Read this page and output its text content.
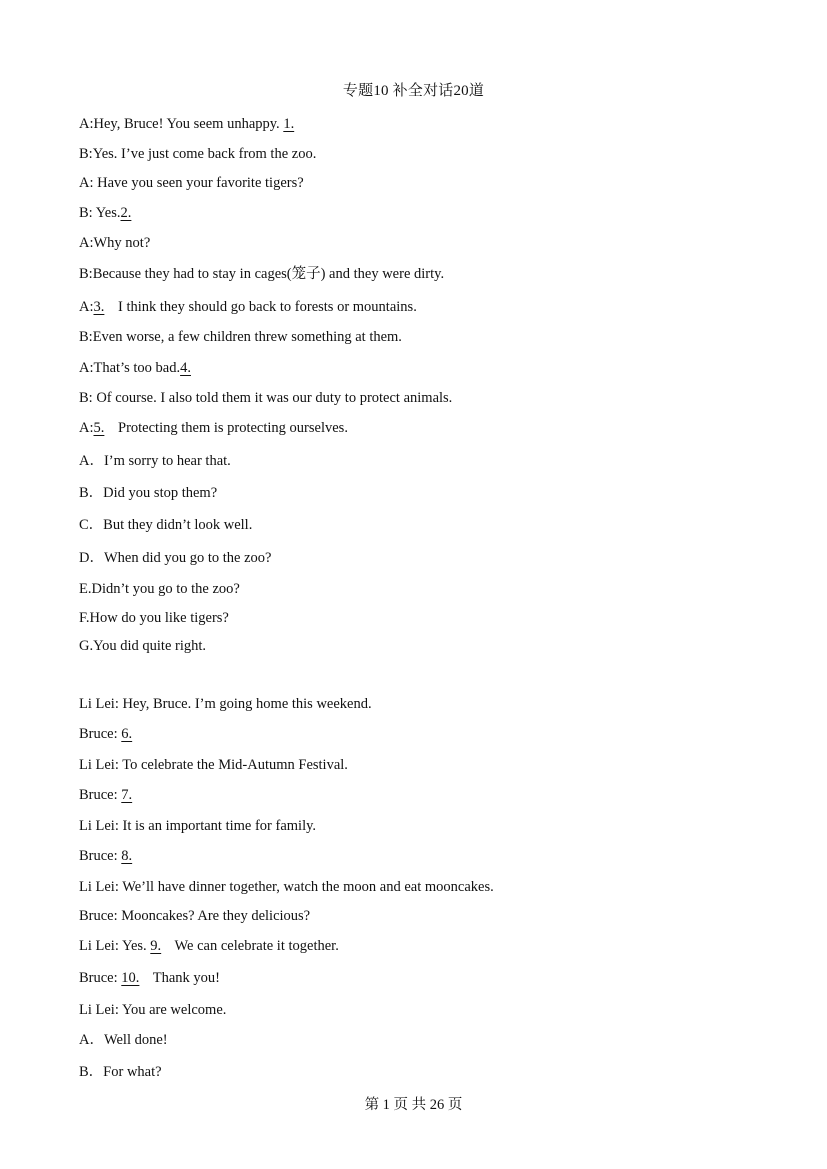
专题10 补全对话20道
A:Hey, Bruce! You seem unhappy. 1.
B:Yes. I’ve just come back from the zoo.
A: Have you seen your favorite tigers?
B: Yes.2.
A:Why not?
B:Because they had to stay in cages(笼子) and they were dirty.
A:3. I think they should go back to forests or mountains.
B:Even worse, a few children threw something at them.
A:That’s too bad.4.
B: Of course. I also told them it was our duty to protect animals.
A:5. Protecting them is protecting ourselves.
A．I’m sorry to hear that.
B．Did you stop them?
C．But they didn’t look well.
D．When did you go to the zoo?
E.Didn’t you go to the zoo?
F.How do you like tigers?
G.You did quite right.
Li Lei: Hey, Bruce. I’m going home this weekend.
Bruce: 6.
Li Lei: To celebrate the Mid-Autumn Festival.
Bruce: 7.
Li Lei: It is an important time for family.
Bruce: 8.
Li Lei: We’ll have dinner together, watch the moon and eat mooncakes.
Bruce: Mooncakes? Are they delicious?
Li Lei: Yes. 9. We can celebrate it together.
Bruce: 10. Thank you!
Li Lei: You are welcome.
A．Well done!
B．For what?
第 1 页 共 26 页
